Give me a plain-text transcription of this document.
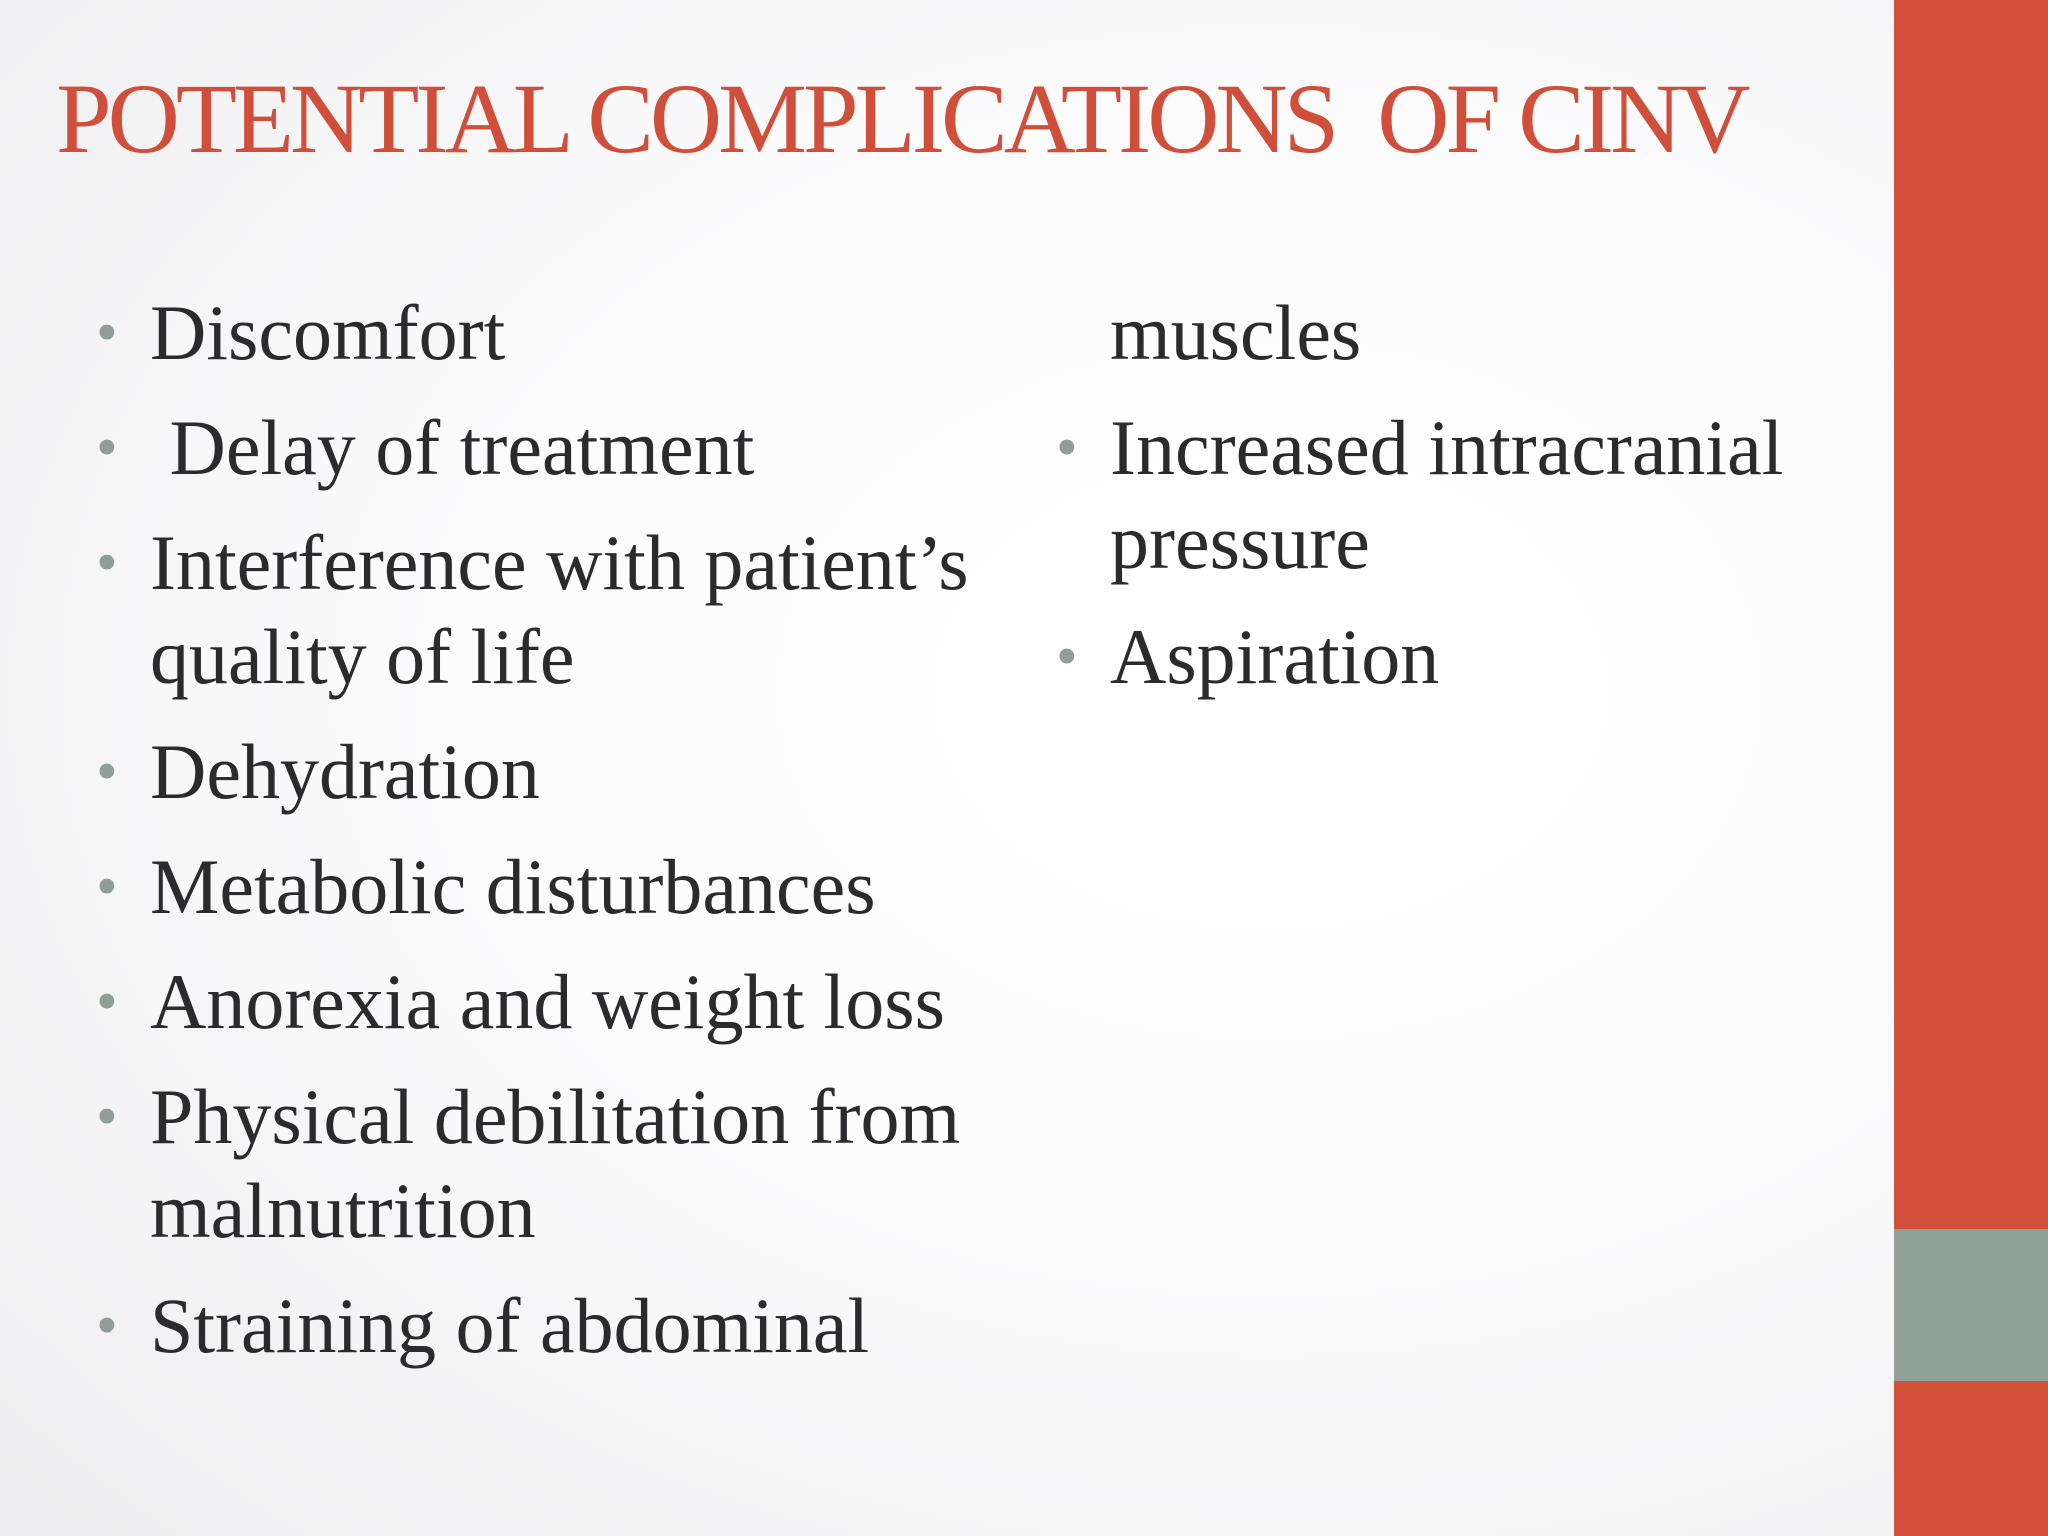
POTENTIAL COMPLICATIONS  OF CINV
• Discomfort
• Delay of treatment
• Interference with patient’s quality of life
• Dehydration
• Metabolic disturbances
• Anorexia and weight loss
• Physical debilitation from malnutrition
• Straining of abdominal
muscles
• Increased intracranial pressure
• Aspiration
